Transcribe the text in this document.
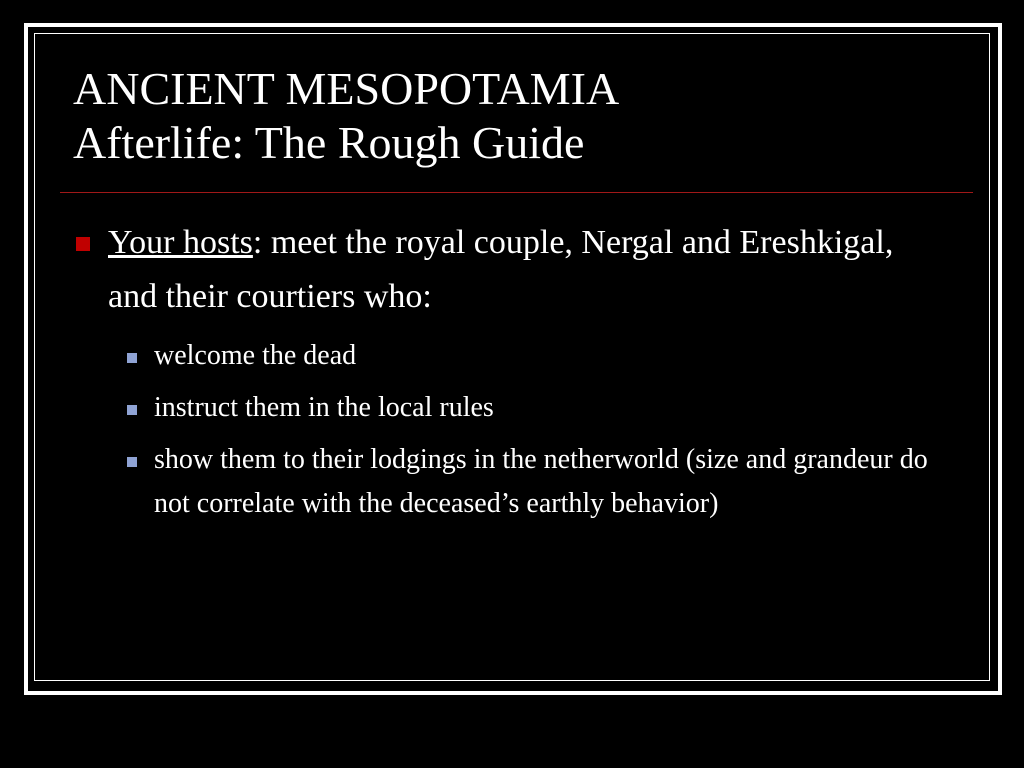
ANCIENT MESOPOTAMIA
Afterlife: The Rough Guide
Your hosts: meet the royal couple, Nergal and Ereshkigal, and their courtiers who:
welcome the dead
instruct them in the local rules
show them to their lodgings in the netherworld (size and grandeur do not correlate with the deceased’s earthly behavior)
